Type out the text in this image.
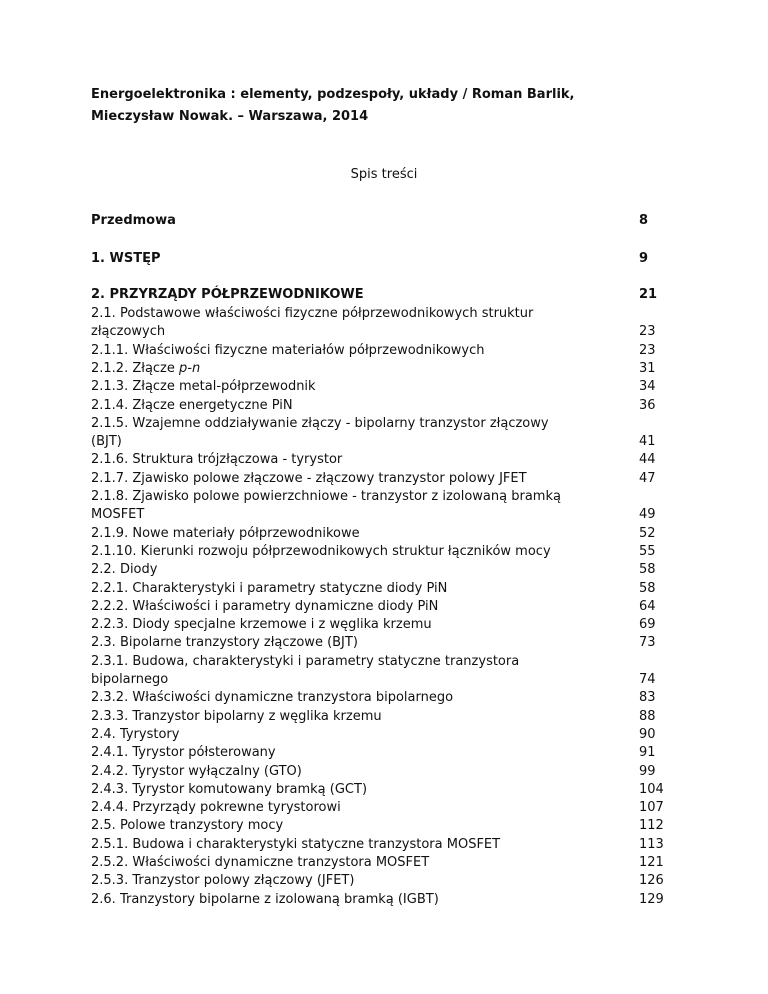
Energoelektronika : elementy, podzespoły, układy / Roman Barlik,
Mieczysław Nowak. – Warszawa, 2014
Spis treści
Przedmowa	8
1. WSTĘP	9
2. PRZYRZĄDY PÓŁPRZEWODNIKOWE	21
2.1. Podstawowe właściwości fizyczne półprzewodnikowych struktur
złączowych	23
2.1.1. Właściwości fizyczne materiałów półprzewodnikowych	23
2.1.2. Złącze p-n	31
2.1.3. Złącze metal-półprzewodnik	34
2.1.4. Złącze energetyczne PiN	36
2.1.5. Wzajemne oddziaływanie złączy - bipolarny tranzystor złączowy
(BJT)	41
2.1.6. Struktura trójzłączowa - tyrystor	44
2.1.7. Zjawisko polowe złączowe - złączowy tranzystor polowy JFET	47
2.1.8. Zjawisko polowe powierzchniowe - tranzystor z izolowaną bramką
MOSFET	49
2.1.9. Nowe materiały półprzewodnikowe	52
2.1.10. Kierunki rozwoju półprzewodnikowych struktur łączników mocy	55
2.2. Diody	58
2.2.1. Charakterystyki i parametry statyczne diody PiN	58
2.2.2. Właściwości i parametry dynamiczne diody PiN	64
2.2.3. Diody specjalne krzemowe i z węglika krzemu	69
2.3. Bipolarne tranzystory złączowe (BJT)	73
2.3.1. Budowa, charakterystyki i parametry statyczne tranzystora
bipolarnego	74
2.3.2. Właściwości dynamiczne tranzystora bipolarnego	83
2.3.3. Tranzystor bipolarny z węglika krzemu	88
2.4. Tyrystory	90
2.4.1. Tyrystor półsterowany	91
2.4.2. Tyrystor wyłączalny (GTO)	99
2.4.3. Tyrystor komutowany bramką (GCT)	104
2.4.4. Przyrządy pokrewne tyrystorowi	107
2.5. Polowe tranzystory mocy	112
2.5.1. Budowa i charakterystyki statyczne tranzystora MOSFET	113
2.5.2. Właściwości dynamiczne tranzystora MOSFET	121
2.5.3. Tranzystor polowy złączowy (JFET)	126
2.6. Tranzystory bipolarne z izolowaną bramką (IGBT)	129
